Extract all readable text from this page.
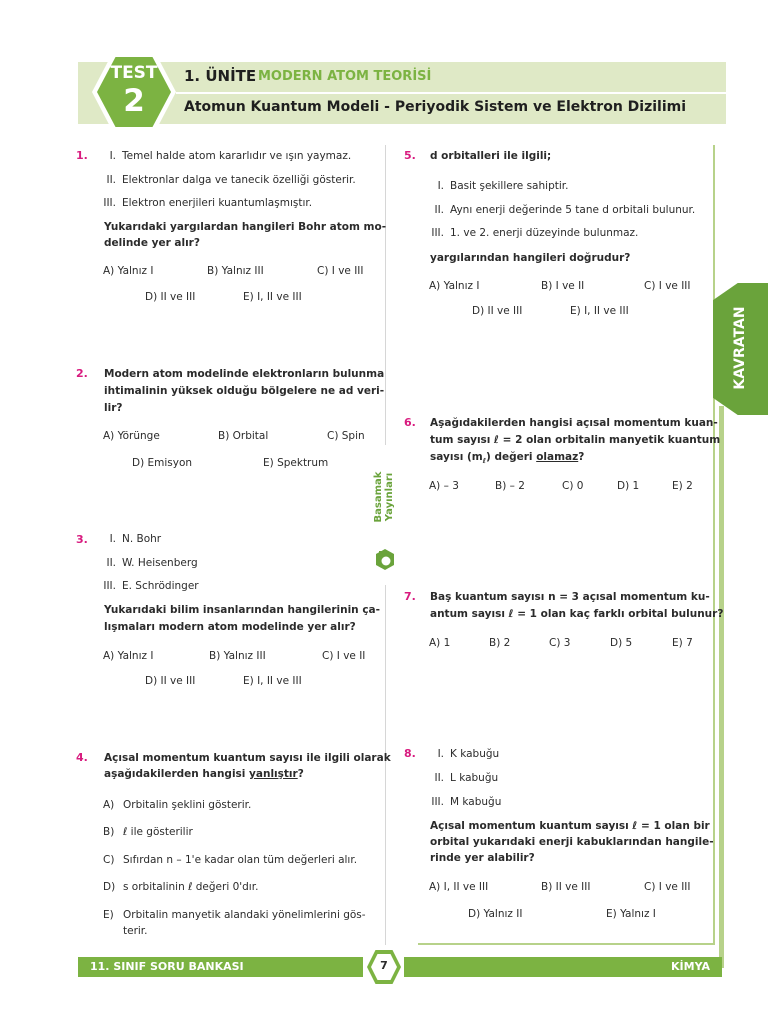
TEST
2
1. ÜNİTE MODERN ATOM TEORİSİ
Atomun Kuantum Modeli - Periyodik Sistem ve Elektron Dizilimi
KAVRATAN
Basamak Yayınları
1.	I. Temel halde atom kararlıdır ve ışın yaymaz.
II. Elektronlar dalga ve tanecik özelliği gösterir.
III. Elektron enerjileri kuantumlaşmıştır.
Yukarıdaki yargılardan hangileri Bohr atom mo-
delinde yer alır?
A) Yalnız I	B) Yalnız III	C) I ve III
D) II ve III	E) I, II ve III
2. Modern atom modelinde elektronların bulunma
ihtimalinin yüksek olduğu bölgelere ne ad veri-
lir?
A) Yörünge	B) Orbital	C) Spin
D) Emisyon	E) Spektrum
3.	I. N. Bohr
II. W. Heisenberg
III. E. Schrödinger
Yukarıdaki bilim insanlarından hangilerinin ça-
lışmaları modern atom modelinde yer alır?
A) Yalnız I	B) Yalnız III	C) I ve II
D) II ve III	E) I, II ve III
4. Açısal momentum kuantum sayısı ile ilgili olarak
aşağıdakilerden hangisi yanlıştır?
A) Orbitalin şeklini gösterir.
B) ℓ ile gösterilir
C) Sıfırdan n – 1'e kadar olan tüm değerleri alır.
D) s orbitalinin ℓ değeri 0'dır.
E) Orbitalin manyetik alandaki yönelimlerini gös-
terir.
5. d orbitalleri ile ilgili;
I. Basit şekillere sahiptir.
II. Aynı enerji değerinde 5 tane d orbitali bulunur.
III. 1. ve 2. enerji düzeyinde bulunmaz.
yargılarından hangileri doğrudur?
A) Yalnız I	B) I ve II	C) I ve III
D) II ve III	E) I, II ve III
6. Aşağıdakilerden hangisi açısal momentum kuan-
tum sayısı ℓ = 2 olan orbitalin manyetik kuantum
sayısı $(m_\ell)$ değeri olamaz?
A) – 3	B) – 2	C) 0	D) 1	E) 2
7. Baş kuantum sayısı n = 3 açısal momentum ku-
antum sayısı ℓ = 1 olan kaç farklı orbital bulunur?
A) 1	B) 2	C) 3	D) 5	E) 7
8.	I. K kabuğu
II. L kabuğu
III. M kabuğu
Açısal momentum kuantum sayısı ℓ = 1 olan bir
orbital yukarıdaki enerji kabuklarından hangile-
rinde yer alabilir?
A) I, II ve III	B) II ve III	C) I ve III
D) Yalnız II	E) Yalnız I
11. SINIF SORU BANKASI	KİMYA
7
